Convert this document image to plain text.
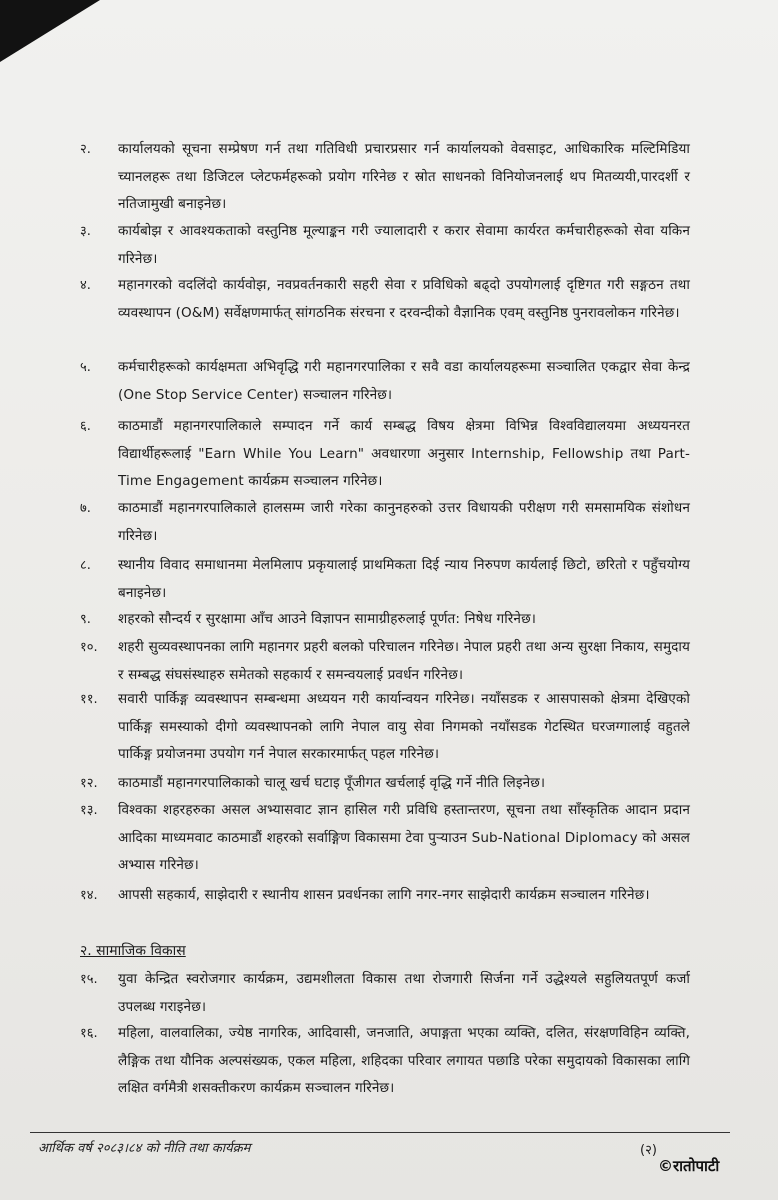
२.	कार्यालयको सूचना सम्प्रेषण गर्न तथा गतिविधी प्रचारप्रसार गर्न कार्यालयको वेवसाइट, आधिकारिक मल्टिमिडिया च्यानलहरू तथा डिजिटल प्लेटफर्महरूको प्रयोग गरिनेछ र स्रोत साधनको विनियोजनलाई थप मितव्ययी,पारदर्शी र नतिजामुखी बनाइनेछ।
३.	कार्यबोझ र आवश्यकताको वस्तुनिष्ठ मूल्याङ्कन गरी ज्यालादारी र करार सेवामा कार्यरत कर्मचारीहरूको सेवा यकिन गरिनेछ।
४.	महानगरको वदलिंदो कार्यवोझ, नवप्रवर्तनकारी सहरी सेवा र प्रविधिको बढ्दो उपयोगलाई दृष्टिगत गरी सङ्गठन तथा व्यवस्थापन (O&M) सर्वेक्षणमार्फत् सांगठनिक संरचना र दरवन्दीको वैज्ञानिक एवम् वस्तुनिष्ठ पुनरावलोकन गरिनेछ।
५.	कर्मचारीहरूको कार्यक्षमता अभिवृद्धि गरी महानगरपालिका र सवै वडा कार्यालयहरूमा सञ्चालित एकद्वार सेवा केन्द्र (One Stop Service Center) सञ्चालन गरिनेछ।
६.	काठमाडौं महानगरपालिकाले सम्पादन गर्ने कार्य सम्बद्ध विषय क्षेत्रमा विभिन्न विश्वविद्यालयमा अध्ययनरत विद्यार्थीहरूलाई "Earn While You Learn" अवधारणा अनुसार Internship, Fellowship तथा Part-Time Engagement कार्यक्रम सञ्चालन गरिनेछ।
७.	काठमाडौं महानगरपालिकाले हालसम्म जारी गरेका कानुनहरुको उत्तर विधायकी परीक्षण गरी समसामयिक संशोधन गरिनेछ।
८.	स्थानीय विवाद समाधानमा मेलमिलाप प्रकृयालाई प्राथमिकता दिई न्याय निरुपण कार्यलाई छिटो, छरितो र पहुँचयोग्य बनाइनेछ।
९.	शहरको सौन्दर्य र सुरक्षामा आँच आउने विज्ञापन सामाग्रीहरुलाई पूर्णत: निषेध गरिनेछ।
१०.	शहरी सुव्यवस्थापनका लागि महानगर प्रहरी बलको परिचालन गरिनेछ। नेपाल प्रहरी तथा अन्य सुरक्षा निकाय, समुदाय र सम्बद्ध संघसंस्थाहरु समेतको सहकार्य र समन्वयलाई प्रवर्धन गरिनेछ।
११.	सवारी पार्किङ्ग व्यवस्थापन सम्बन्धमा अध्ययन गरी कार्यान्वयन गरिनेछ। नयाँसडक र आसपासको क्षेत्रमा देखिएको पार्किङ्ग समस्याको दीगो व्यवस्थापनको लागि नेपाल वायु सेवा निगमको नयाँसडक गेटस्थित घरजग्गालाई वहुतले पार्किङ्ग प्रयोजनमा उपयोग गर्न नेपाल सरकारमार्फत् पहल गरिनेछ।
१२.	काठमाडौं महानगरपालिकाको चालू खर्च घटाइ पूँजीगत खर्चलाई वृद्धि गर्ने नीति लिइनेछ।
१३.	विश्वका शहरहरुका असल अभ्यासवाट ज्ञान हासिल गरी प्रविधि हस्तान्तरण, सूचना तथा साँस्कृतिक आदान प्रदान आदिका माध्यमवाट काठमाडौं शहरको सर्वाङ्गिण विकासमा टेवा पुर्‍याउन Sub-National Diplomacy को असल अभ्यास गरिनेछ।
१४.	आपसी सहकार्य, साझेदारी र स्थानीय शासन प्रवर्धनका लागि नगर-नगर साझेदारी कार्यक्रम सञ्चालन गरिनेछ।
२. सामाजिक विकास
१५.	युवा केन्द्रित स्वरोजगार कार्यक्रम, उद्यमशीलता विकास तथा रोजगारी सिर्जना गर्ने उद्धेश्यले सहुलियतपूर्ण कर्जा उपलब्ध गराइनेछ।
१६.	महिला, वालवालिका, ज्येष्ठ नागरिक, आदिवासी, जनजाति, अपाङ्गता भएका व्यक्ति, दलित, संरक्षणविहिन व्यक्ति, लैङ्गिक तथा यौनिक अल्पसंख्यक, एकल महिला, शहिदका परिवार लगायत पछाडि परेका समुदायको विकासका लागि लक्षित वर्गमैत्री शसक्तीकरण कार्यक्रम सञ्चालन गरिनेछ।
आर्थिक वर्ष २०८३।८४ को नीति तथा कार्यक्रम	(२)
©रातोपाटी
